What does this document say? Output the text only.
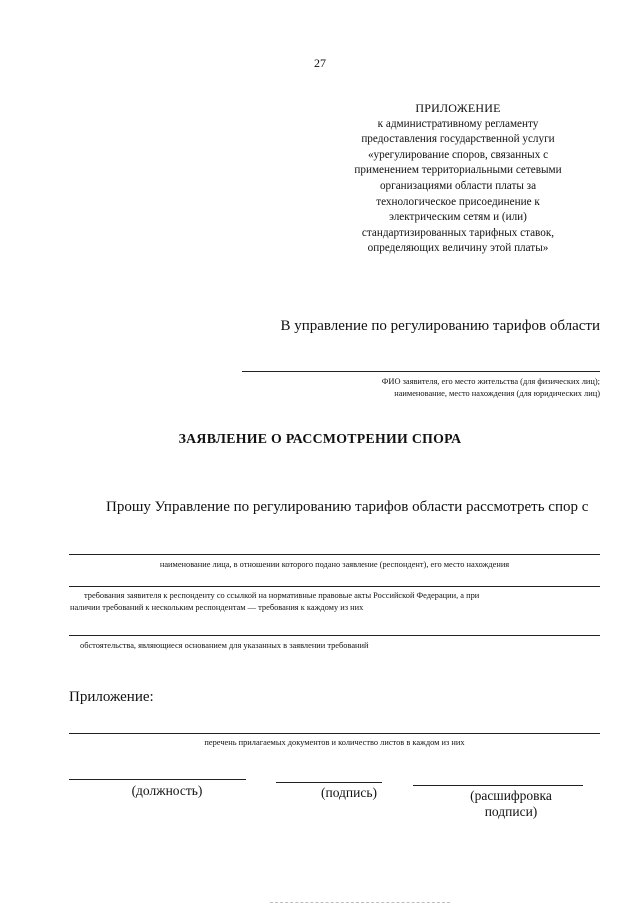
27
ПРИЛОЖЕНИЕ
к административному регламенту
предоставления государственной услуги
«урегулирование споров, связанных с
применением территориальными сетевыми
организациями области платы за
технологическое присоединение к
электрическим сетям и (или)
стандартизированных тарифных ставок,
определяющих величину этой платы»
В управление по регулированию тарифов области
ФИО заявителя, его место жительства (для физических лиц);
наименование, место нахождения (для юридических лиц)
ЗАЯВЛЕНИЕ О РАССМОТРЕНИИ СПОРА
Прошу Управление по регулированию тарифов области рассмотреть спор с
наименование лица, в отношении которого подано заявление (респондент), его место нахождения
требования заявителя к респонденту со ссылкой на нормативные правовые акты Российской Федерации, а при
наличии требований к нескольким респондентам — требования к каждому из них
обстоятельства, являющиеся основанием для указанных в заявлении требований
Приложение:
перечень прилагаемых документов и количество листов в каждом из них
(должность)	(подпись)	(расшифровка
подписи)
